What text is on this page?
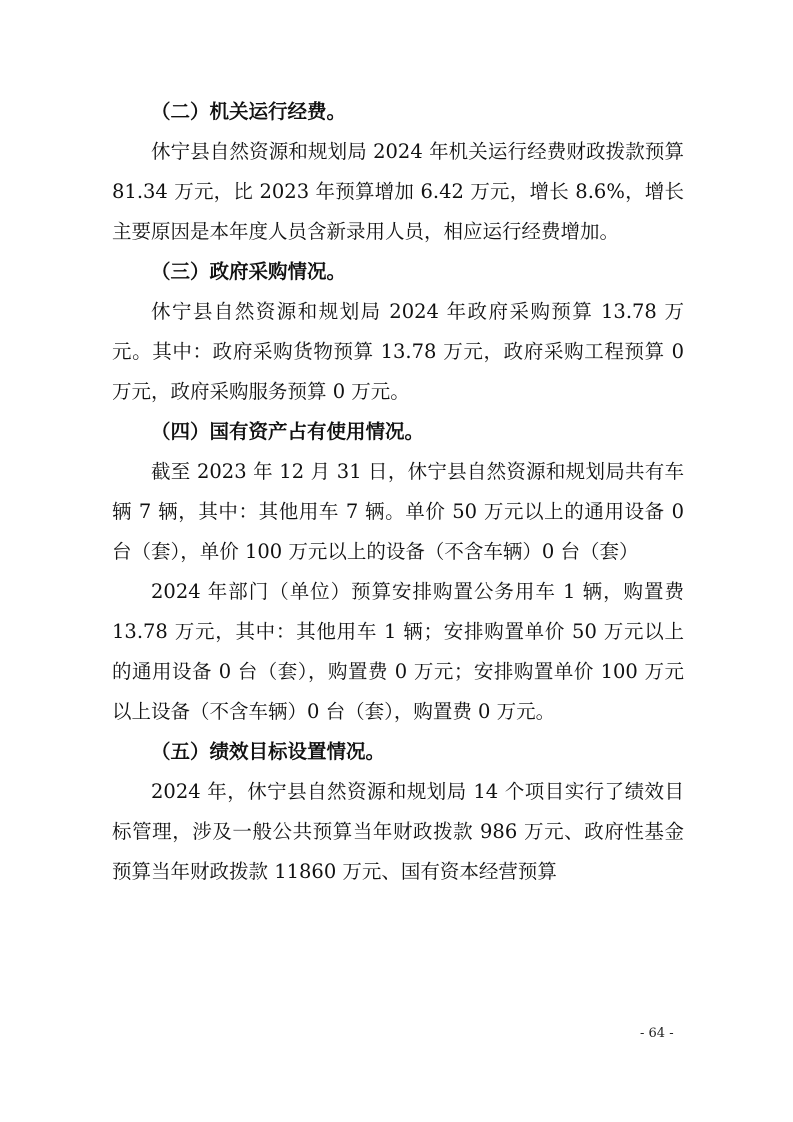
（二）机关运行经费。

休宁县自然资源和规划局 2024 年机关运行经费财政拨款预算 81.34 万元，比 2023 年预算增加 6.42 万元，增长 8.6%，增长主要原因是本年度人员含新录用人员，相应运行经费增加。

（三）政府采购情况。

休宁县自然资源和规划局 2024 年政府采购预算 13.78 万元。其中：政府采购货物预算 13.78 万元，政府采购工程预算 0 万元，政府采购服务预算 0 万元。

（四）国有资产占有使用情况。

截至 2023 年 12 月 31 日，休宁县自然资源和规划局共有车辆 7 辆，其中：其他用车 7 辆。单价 50 万元以上的通用设备 0 台（套），单价 100 万元以上的设备（不含车辆）0 台（套）

2024 年部门（单位）预算安排购置公务用车 1 辆，购置费 13.78 万元，其中：其他用车 1 辆；安排购置单价 50 万元以上的通用设备 0 台（套），购置费 0 万元；安排购置单价 100 万元以上设备（不含车辆）0 台（套），购置费 0 万元。

（五）绩效目标设置情况。

2024 年，休宁县自然资源和规划局 14 个项目实行了绩效目标管理，涉及一般公共预算当年财政拨款 986 万元、政府性基金预算当年财政拨款 11860 万元、国有资本经营预算

- 64 -
